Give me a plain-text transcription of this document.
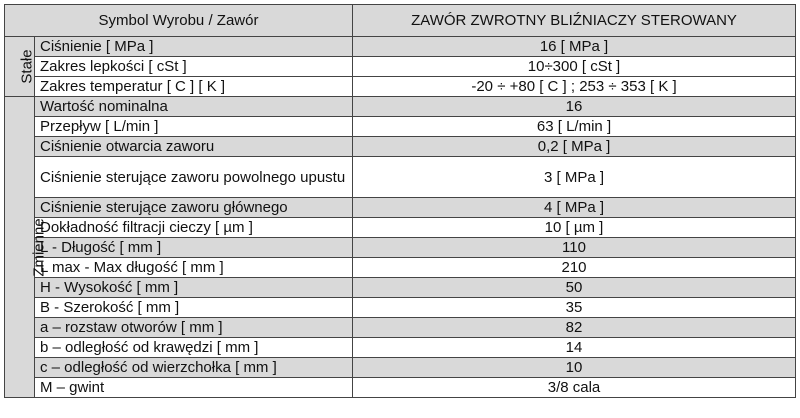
Symbol Wyrobu / Zawór		ZAWÓR ZWROTNY BLIŹNIACZY STEROWANY
Stałe	Ciśnienie [ MPa ]	16 [ MPa ]
	Zakres lepkości [ cSt ]	10÷300 [ cSt ]
	Zakres temperatur [ C ] [ K ]	-20 ÷ +80 [ C ] ; 253 ÷ 353 [ K ]
Zmienne	Wartość nominalna	16
	Przepływ [ L/min ]	63 [ L/min ]
	Ciśnienie otwarcia zaworu	0,2 [ MPa ]
	Ciśnienie sterujące zaworu powolnego upustu	3 [ MPa ]
	Ciśnienie sterujące zaworu głównego	4 [ MPa ]
	Dokładność filtracji cieczy [ µm ]	10 [ µm ]
	L - Długość [ mm ]	110
	L max - Max długość [ mm ]	210
	H - Wysokość [ mm ]	50
	B - Szerokość [ mm ]	35
	a – rozstaw otworów [ mm ]	82
	b – odległość od krawędzi [ mm ]	14
	c – odległość od wierzchołka [ mm ]	10
	M – gwint	3/8 cala
